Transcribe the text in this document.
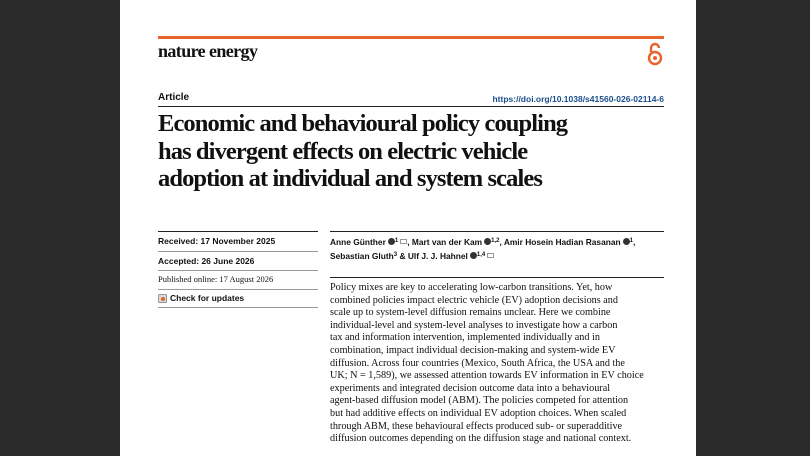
nature energy
Article	https://doi.org/10.1038/s41560-026-02114-6
Economic and behavioural policy coupling
has divergent effects on electric vehicle
adoption at individual and system scales
Received: 17 November 2025
Accepted: 26 June 2026
Published online: 17 August 2026
Check for updates
Anne Günther $^1$ , Mart van der Kam $^{1,2}$, Amir Hosein Hadian Rasanan $^1$,
Sebastian Gluth$^3$ & Ulf J. J. Hahnel $^{1,4}$
Policy mixes are key to accelerating low-carbon transitions. Yet, how
combined policies impact electric vehicle (EV) adoption decisions and
scale up to system-level diffusion remains unclear. Here we combine
individual-level and system-level analyses to investigate how a carbon
tax and information intervention, implemented individually and in
combination, impact individual decision-making and system-wide EV
diffusion. Across four countries (Mexico, South Africa, the USA and the
UK; N = 1,589), we assessed attention towards EV information in EV choice
experiments and integrated decision outcome data into a behavioural
agent-based diffusion model (ABM). The policies competed for attention
but had additive effects on individual EV adoption choices. When scaled
through ABM, these behavioural effects produced sub- or superadditive
diffusion outcomes depending on the diffusion stage and national context.
